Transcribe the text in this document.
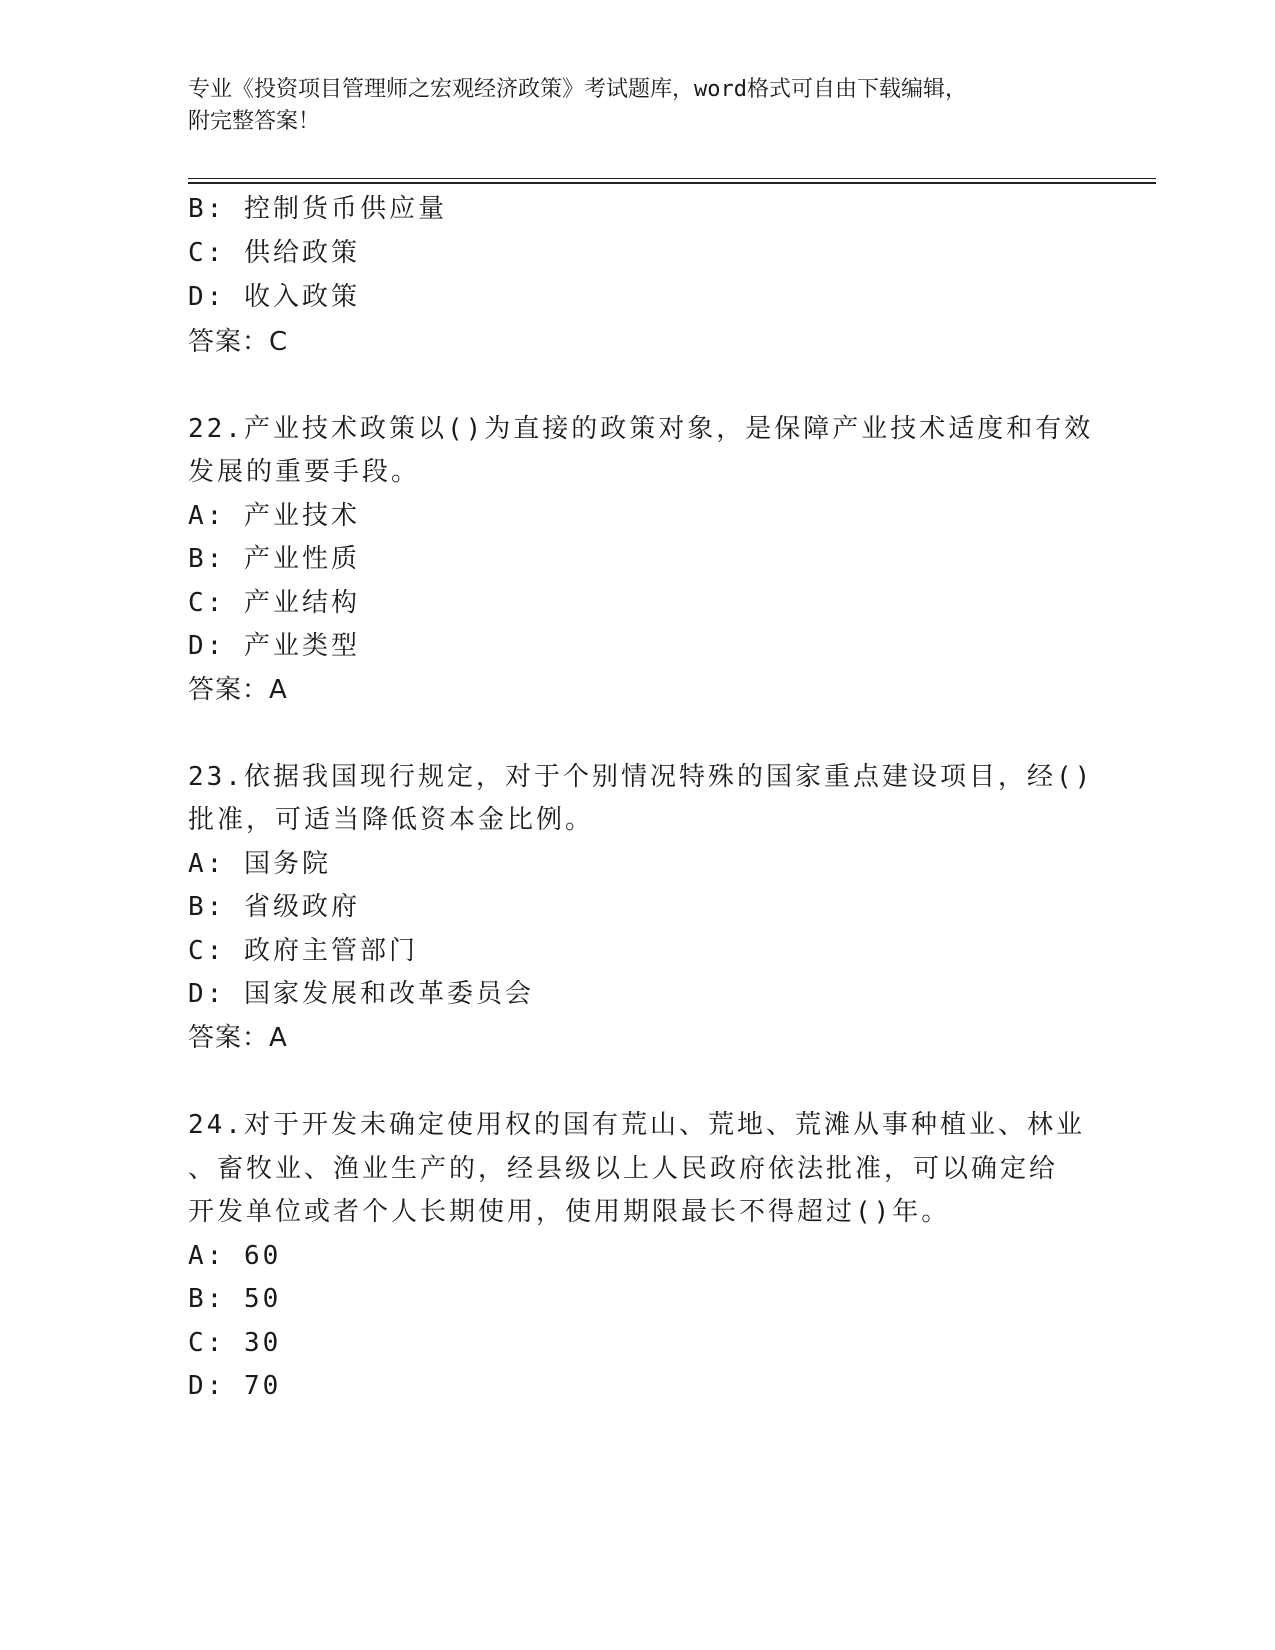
专业《投资项目管理师之宏观经济政策》考试题库，word格式可自由下载编辑，
附完整答案！
B: 控制货币供应量
C: 供给政策
D: 收入政策
答案：C
22.产业技术政策以()为直接的政策对象，是保障产业技术适度和有效
发展的重要手段。
A: 产业技术
B: 产业性质
C: 产业结构
D: 产业类型
答案：A
23.依据我国现行规定，对于个别情况特殊的国家重点建设项目，经()
批准，可适当降低资本金比例。
A: 国务院
B: 省级政府
C: 政府主管部门
D: 国家发展和改革委员会
答案：A
24.对于开发未确定使用权的国有荒山、荒地、荒滩从事种植业、林业
、畜牧业、渔业生产的，经县级以上人民政府依法批准，可以确定给
开发单位或者个人长期使用，使用期限最长不得超过()年。
A: 60
B: 50
C: 30
D: 70
